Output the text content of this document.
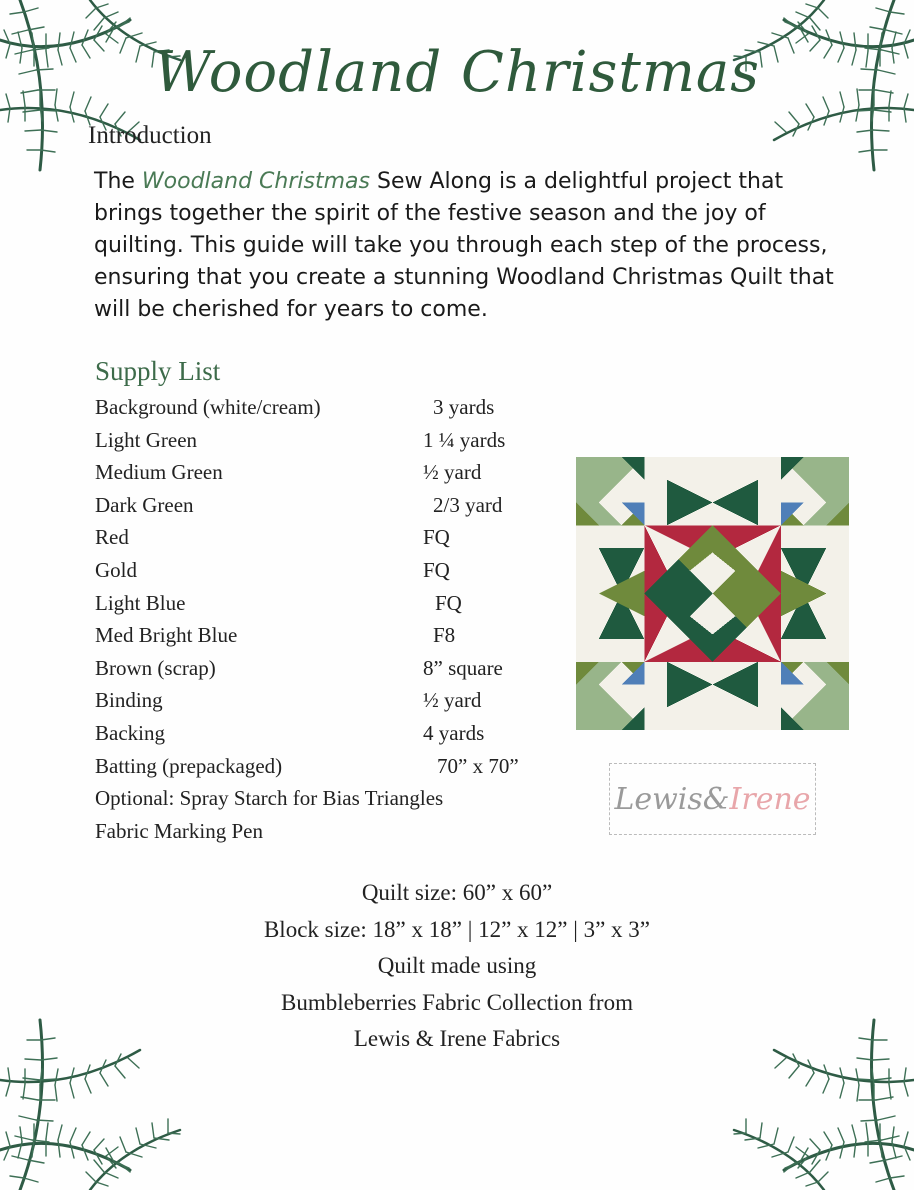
Woodland Christmas
Introduction
The Woodland Christmas Sew Along is a delightful project that brings together the spirit of the festive season and the joy of quilting. This guide will take you through each step of the process, ensuring that you create a stunning Woodland Christmas Quilt that will be cherished for years to come.
Supply List
Background (white/cream)	3 yards
Light Green	1 ¼ yards
Medium Green	½ yard
Dark Green	2/3 yard
Red	FQ
Gold	FQ
Light Blue	FQ
Med Bright Blue	F8
Brown (scrap)	8” square
Binding	½ yard
Backing	4 yards
Batting (prepackaged)	70” x 70”
Optional: Spray Starch for Bias Triangles
Fabric Marking Pen
Lewis&Irene
Quilt size: 60” x 60”
Block size: 18” x 18” | 12” x 12” | 3” x 3”
Quilt made using
Bumbleberries Fabric Collection from
Lewis & Irene Fabrics
